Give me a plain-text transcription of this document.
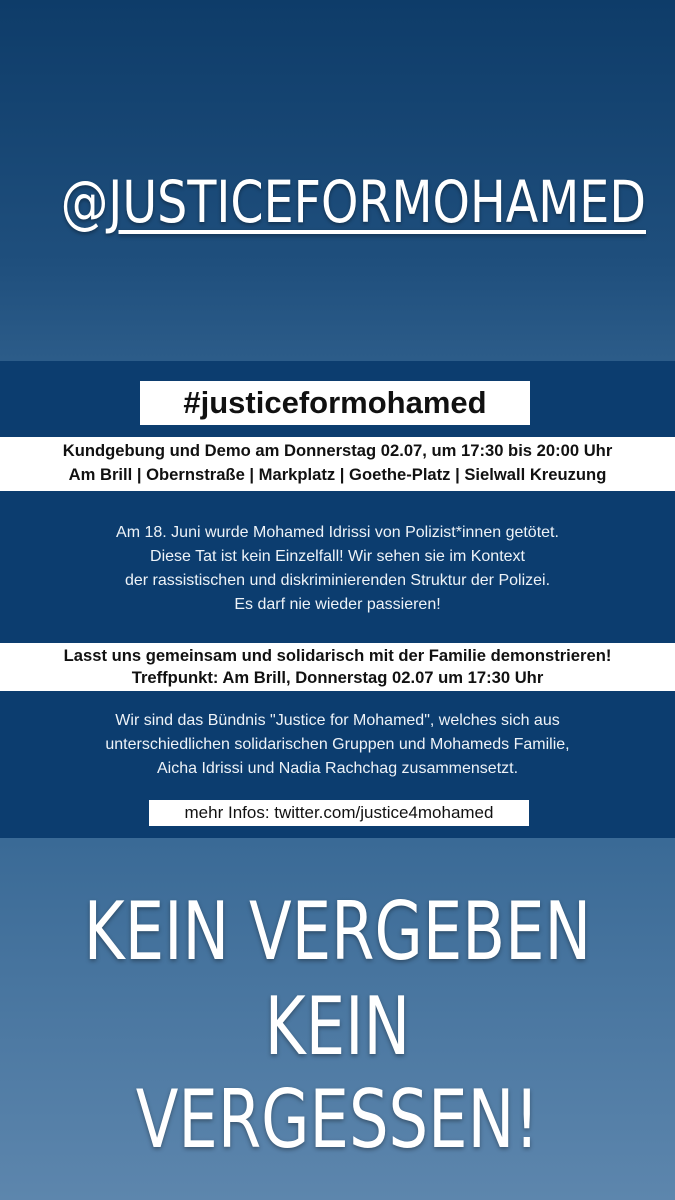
@JUSTICEFORMOHAMED
#justiceformohamed
Kundgebung und Demo am Donnerstag 02.07, um 17:30 bis 20:00 Uhr
Am Brill | Obernstraße | Markplatz | Goethe-Platz | Sielwall Kreuzung
Am 18. Juni wurde Mohamed Idrissi von Polizist*innen getötet.
Diese Tat ist kein Einzelfall! Wir sehen sie im Kontext
der rassistischen und diskriminierenden Struktur der Polizei.
Es darf nie wieder passieren!
Lasst uns gemeinsam und solidarisch mit der Familie demonstrieren!
Treffpunkt: Am Brill, Donnerstag 02.07 um 17:30 Uhr
Wir sind das Bündnis "Justice for Mohamed", welches sich aus
unterschiedlichen solidarischen Gruppen und Mohameds Familie,
Aicha Idrissi und Nadia Rachchag zusammensetzt.
mehr Infos: twitter.com/justice4mohamed
KEIN VERGEBEN
KEIN VERGESSEN!
